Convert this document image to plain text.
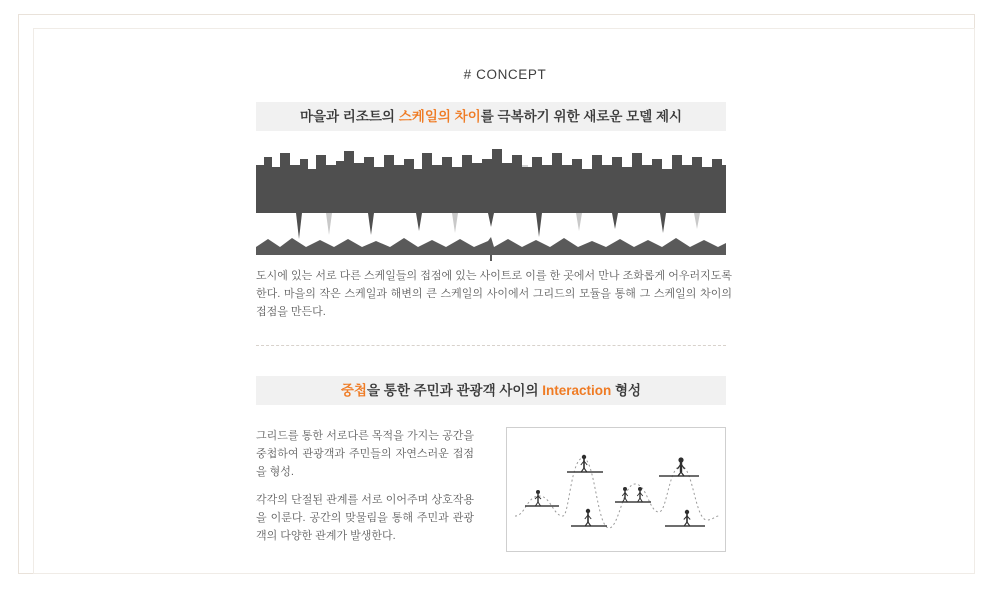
# CONCEPT
마을과 리조트의 스케일의 차이를 극복하기 위한 새로운 모델 제시
도시에 있는 서로 다른 스케일들의 접점에 있는 사이트로 이를 한 곳에서 만나 조화롭게 어우러지도록 한다. 마을의 작은 스케일과 해변의 큰 스케일의 사이에서 그리드의 모듈을 통해 그 스케일의 차이의 접점을 만든다.
중첩을 통한 주민과 관광객 사이의 Interaction 형성

그리드를 통한 서로다른 목적을 가지는 공간을 중첩하여 관광객과 주민들의 자연스러운 접점을 형성.

각각의 단절된 관계를 서로 이어주며 상호작용을 이룬다. 공간의 맞물림을 통해 주민과 관광객의 다양한 관계가 발생한다.
